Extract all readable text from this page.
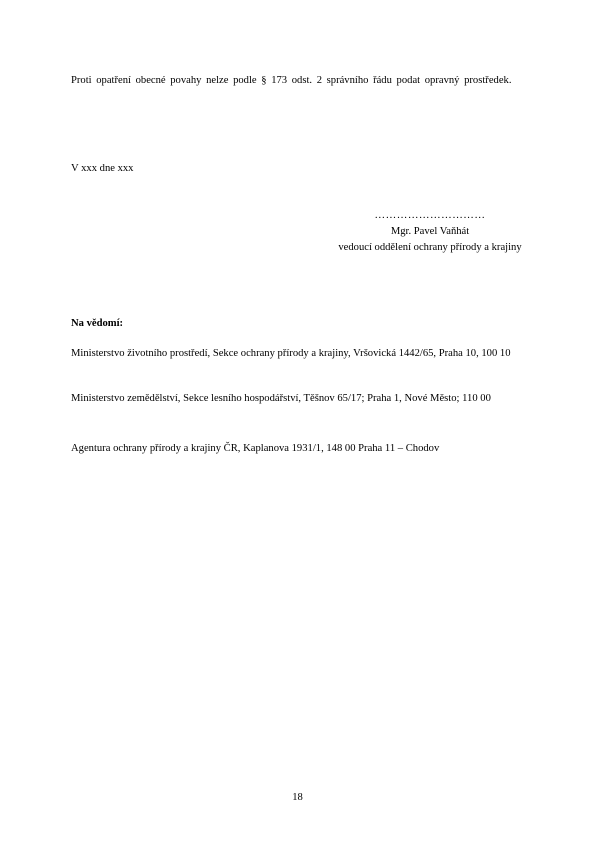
Proti opatření obecné povahy nelze podle § 173 odst. 2 správního řádu podat opravný prostředek.
V xxx dne xxx
…………………………
Mgr. Pavel Vaňhát
vedoucí oddělení ochrany přírody a krajiny
Na vědomí:
Ministerstvo životního prostředí, Sekce ochrany přírody a krajiny, Vršovická 1442/65, Praha 10, 100 10
Ministerstvo zemědělství, Sekce lesního hospodářství, Těšnov 65/17; Praha 1, Nové Město; 110 00
Agentura ochrany přírody a krajiny ČR, Kaplanova 1931/1, 148 00 Praha 11 – Chodov
18
